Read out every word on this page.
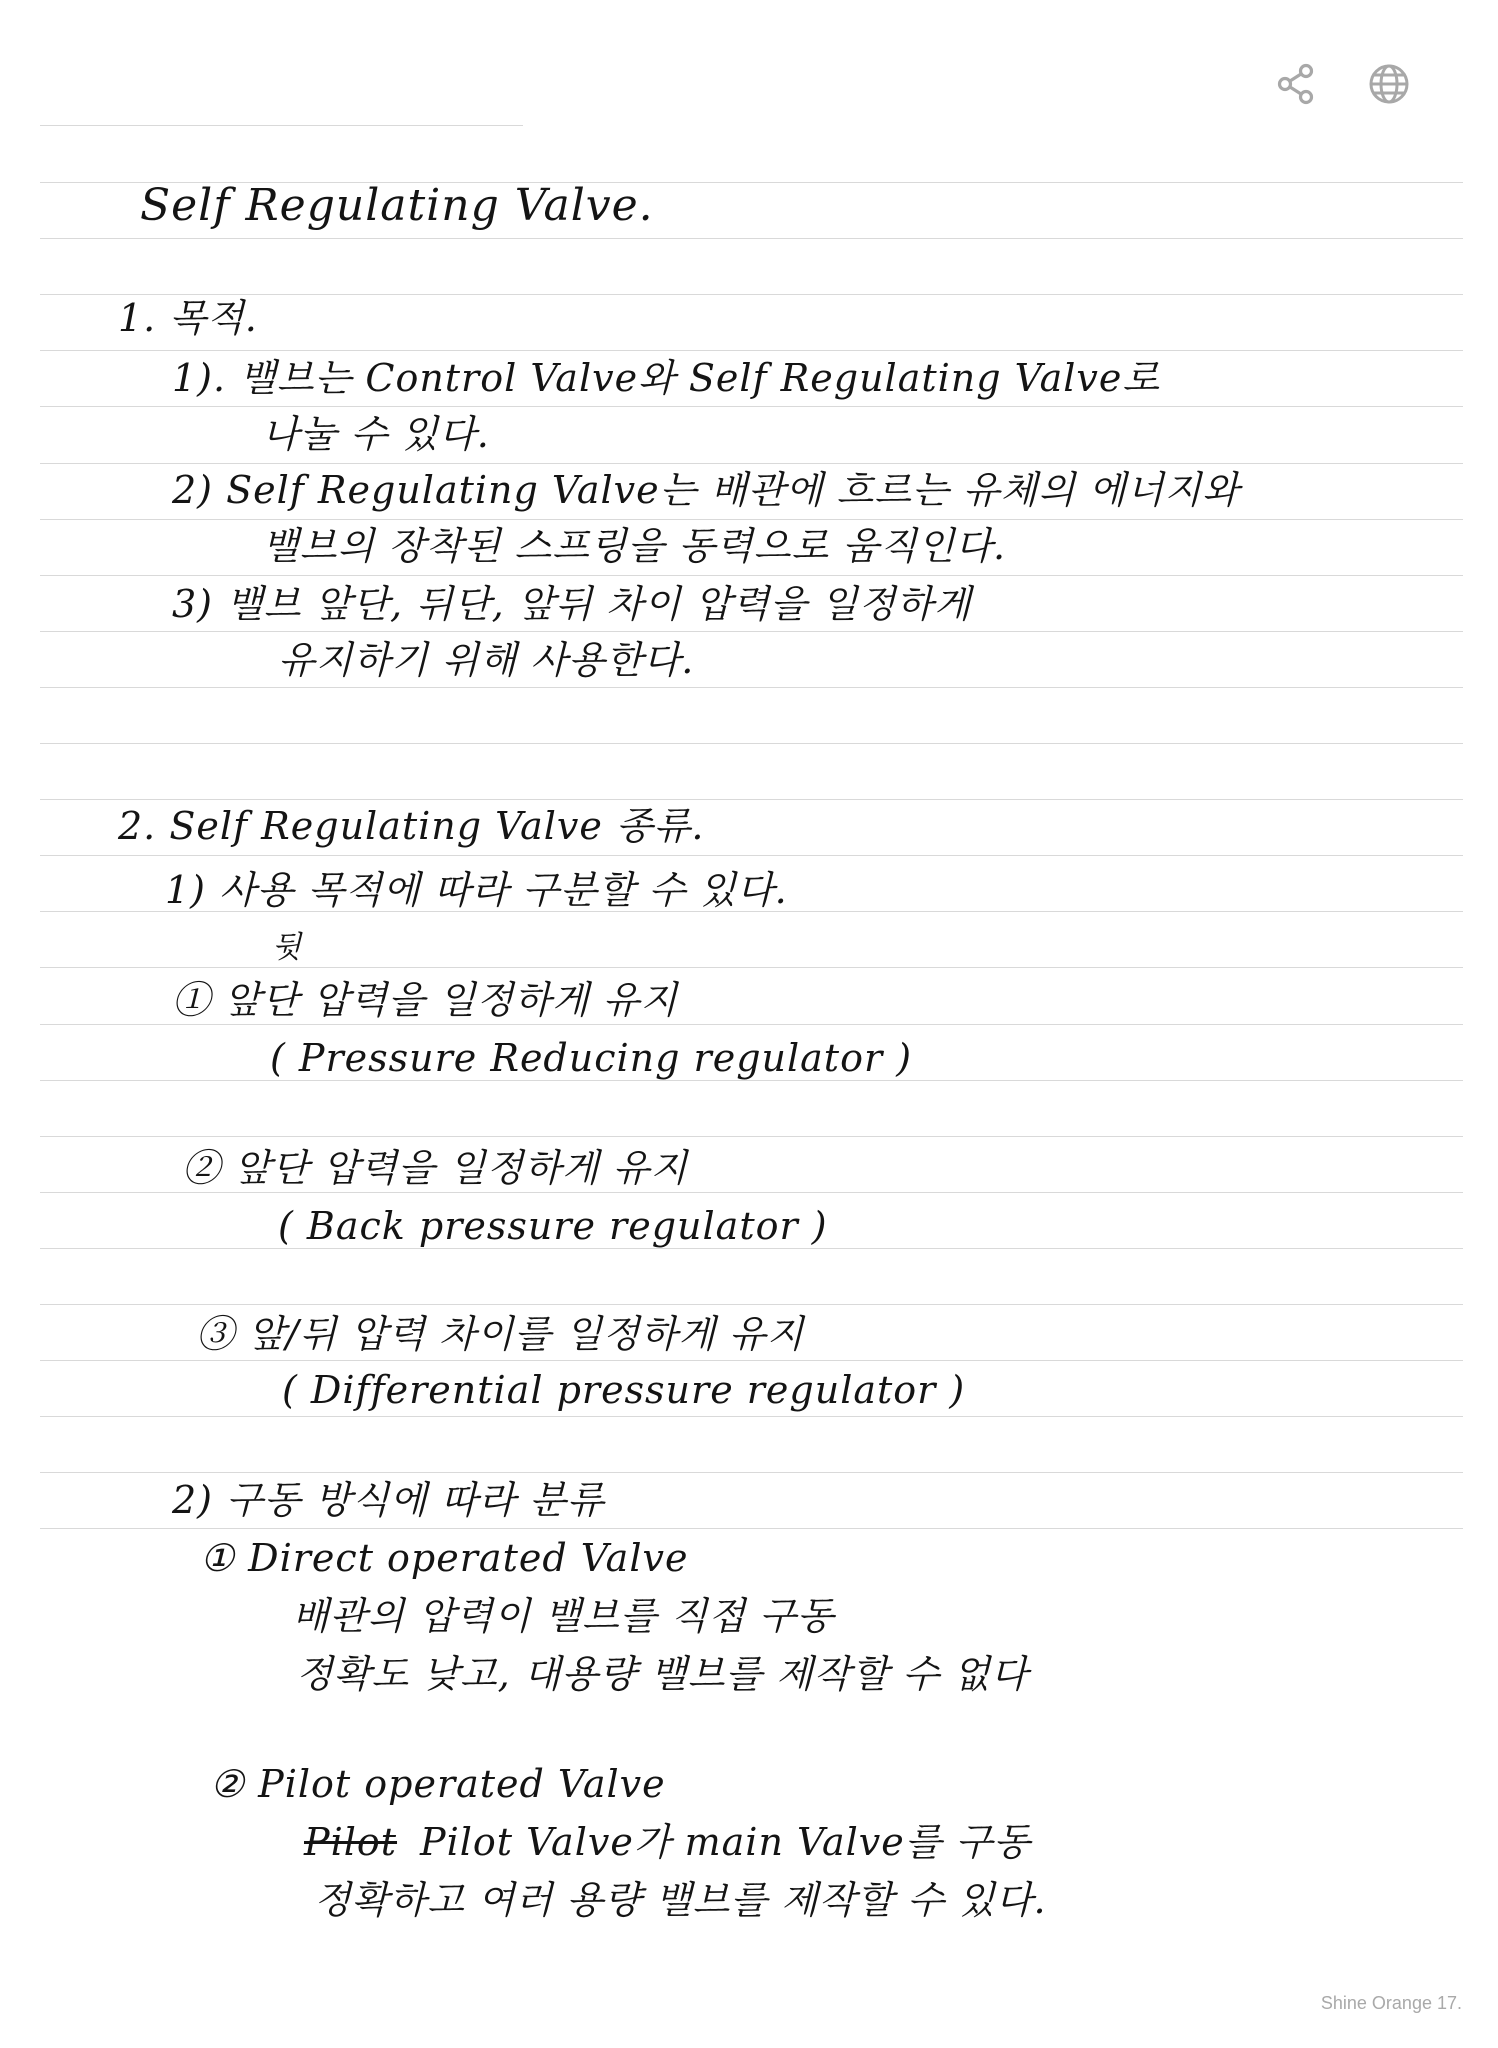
Self Regulating Valve.
1. 목적.
1). 밸브는 Control Valve와 Self Regulating Valve로
나눌 수 있다.
2) Self Regulating Valve는 배관에 흐르는 유체의 에너지와
밸브의 장착된 스프링을 동력으로 움직인다.
3) 밸브 앞단, 뒤단, 앞뒤 차이 압력을 일정하게
유지하기 위해 사용한다.
2. Self Regulating Valve 종류.
1) 사용 목적에 따라 구분할 수 있다.
뒷
① 앞단 압력을 일정하게 유지
( Pressure Reducing regulator )
② 앞단 압력을 일정하게 유지
( Back pressure regulator )
③ 앞/뒤 압력 차이를 일정하게 유지
( Differential pressure regulator )
2) 구동 방식에 따라 분류
① Direct operated Valve
배관의 압력이 밸브를 직접 구동
정확도 낮고, 대용량 밸브를 제작할 수 없다
② Pilot operated Valve
Pilot Pilot Valve가 main Valve를 구동
정확하고 여러 용량 밸브를 제작할 수 있다.
Shine Orange 17.
